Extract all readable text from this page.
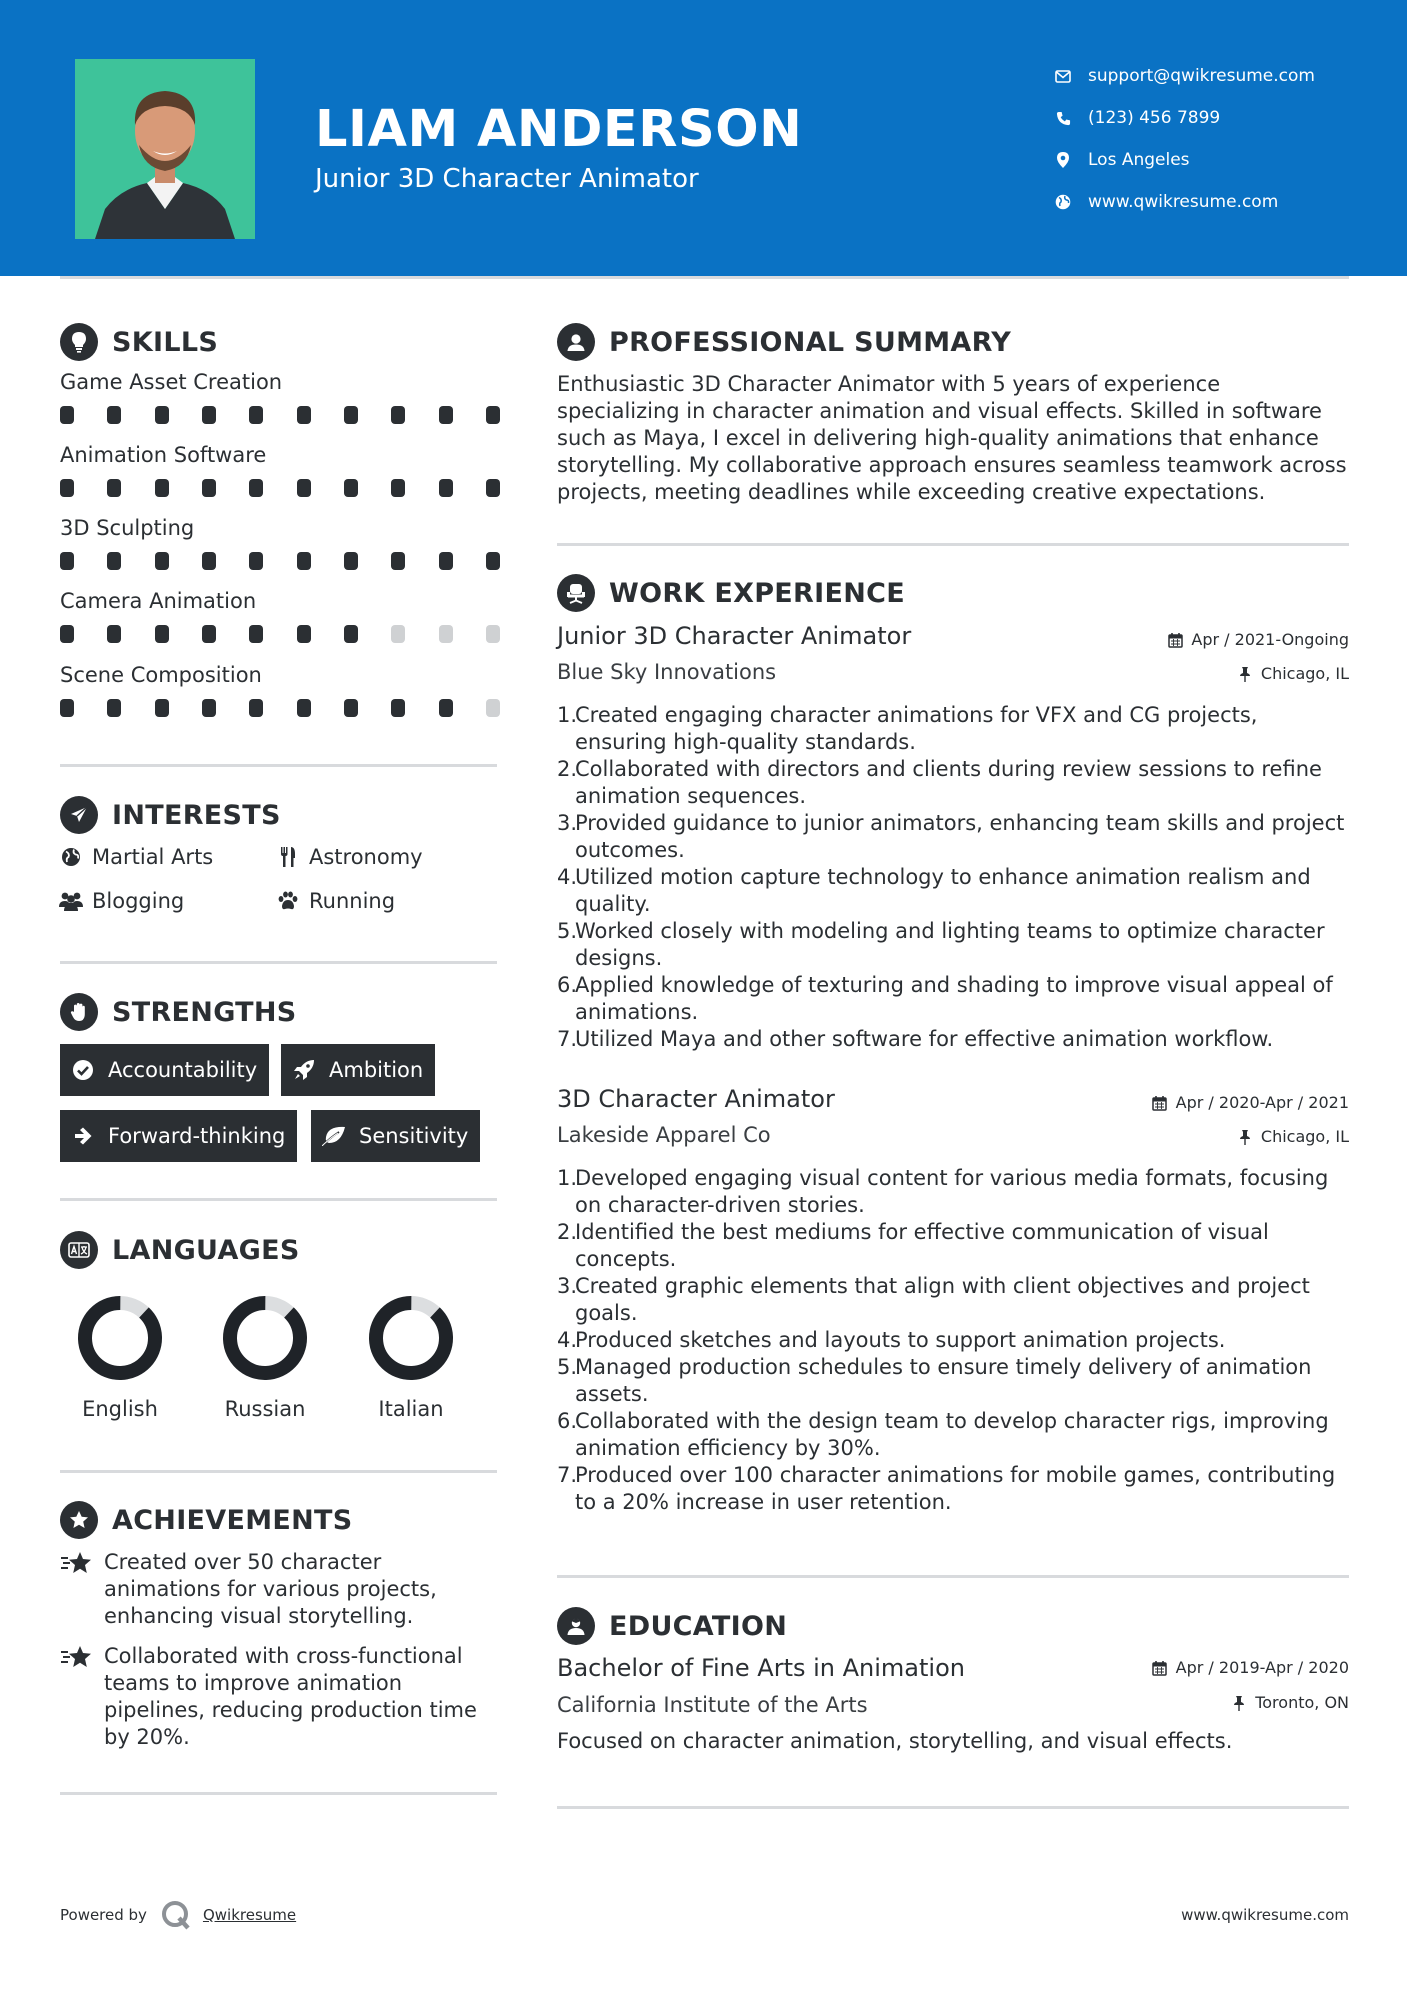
LIAM ANDERSON
Junior 3D Character Animator
support@qwikresume.com
(123) 456 7899
Los Angeles
www.qwikresume.com
SKILLS
Game Asset Creation
Animation Software
3D Sculpting
Camera Animation
Scene Composition
INTERESTS
Martial Arts	Astronomy
Blogging	Running
STRENGTHS
Accountability	Ambition
Forward-thinking	Sensitivity
LANGUAGES
English	Russian	Italian
ACHIEVEMENTS
Created over 50 character animations for various projects, enhancing visual storytelling.
Collaborated with cross-functional teams to improve animation pipelines, reducing production time by 20%.
PROFESSIONAL SUMMARY
Enthusiastic 3D Character Animator with 5 years of experience specializing in character animation and visual effects. Skilled in software such as Maya, I excel in delivering high-quality animations that enhance storytelling. My collaborative approach ensures seamless teamwork across projects, meeting deadlines while exceeding creative expectations.
WORK EXPERIENCE
Junior 3D Character Animator	Apr / 2021-Ongoing
Blue Sky Innovations	Chicago, IL
1.
Created engaging character animations for VFX and CG projects, ensuring high-quality standards.
2.
Collaborated with directors and clients during review sessions to refine animation sequences.
3.
Provided guidance to junior animators, enhancing team skills and project outcomes.
4.
Utilized motion capture technology to enhance animation realism and quality.
5.
Worked closely with modeling and lighting teams to optimize character designs.
6.
Applied knowledge of texturing and shading to improve visual appeal of animations.
7.
Utilized Maya and other software for effective animation workflow.
3D Character Animator	Apr / 2020-Apr / 2021
Lakeside Apparel Co	Chicago, IL
1.
Developed engaging visual content for various media formats, focusing on character-driven stories.
2.
Identified the best mediums for effective communication of visual concepts.
3.
Created graphic elements that align with client objectives and project goals.
4.
Produced sketches and layouts to support animation projects.
5.
Managed production schedules to ensure timely delivery of animation assets.
6.
Collaborated with the design team to develop character rigs, improving animation efficiency by 30%.
7.
Produced over 100 character animations for mobile games, contributing to a 20% increase in user retention.
EDUCATION
Bachelor of Fine Arts in Animation	Apr / 2019-Apr / 2020
California Institute of the Arts	Toronto, ON
Focused on character animation, storytelling, and visual effects.
Powered by	Qwikresume	www.qwikresume.com
